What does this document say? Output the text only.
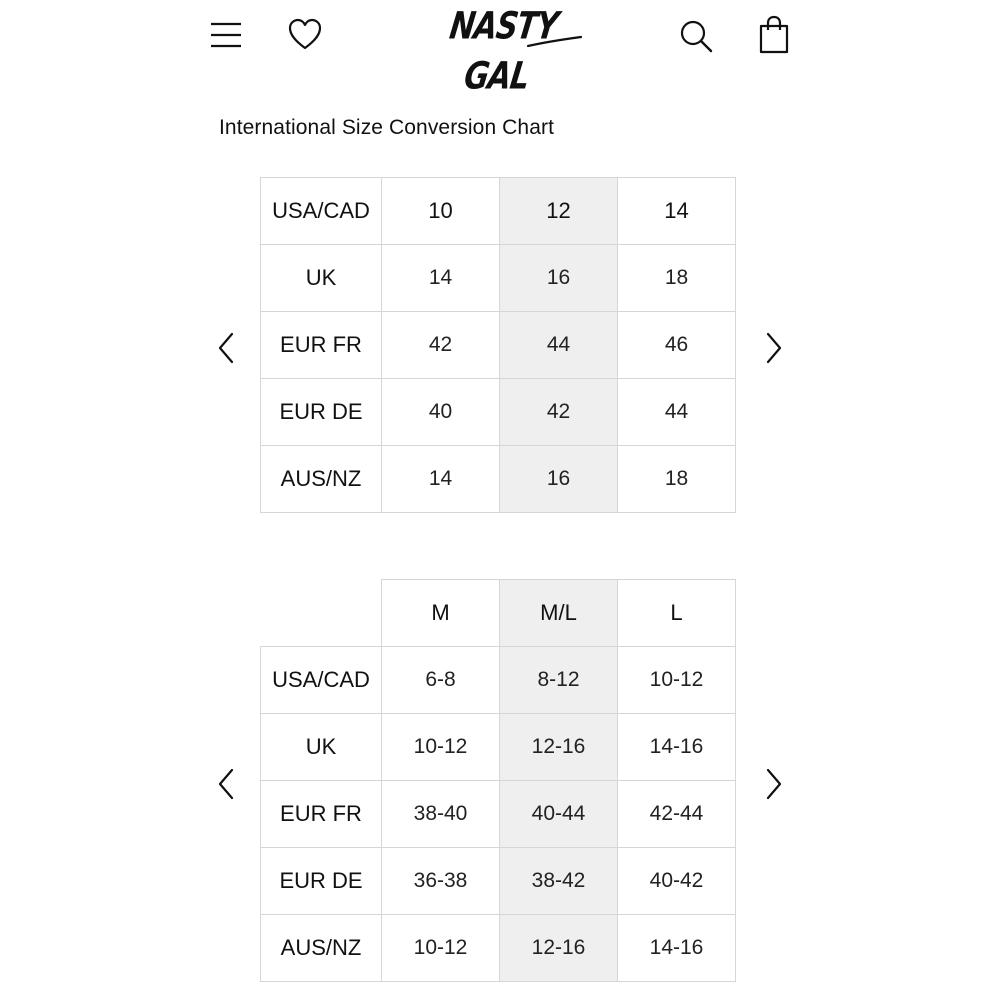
NASTY GAL
International Size Conversion Chart
USA/CAD	10	12	14
UK	14	16	18
EUR FR	42	44	46
EUR DE	40	42	44
AUS/NZ	14	16	18
	M	M/L	L
USA/CAD	6-8	8-12	10-12
UK	10-12	12-16	14-16
EUR FR	38-40	40-44	42-44
EUR DE	36-38	38-42	40-42
AUS/NZ	10-12	12-16	14-16
